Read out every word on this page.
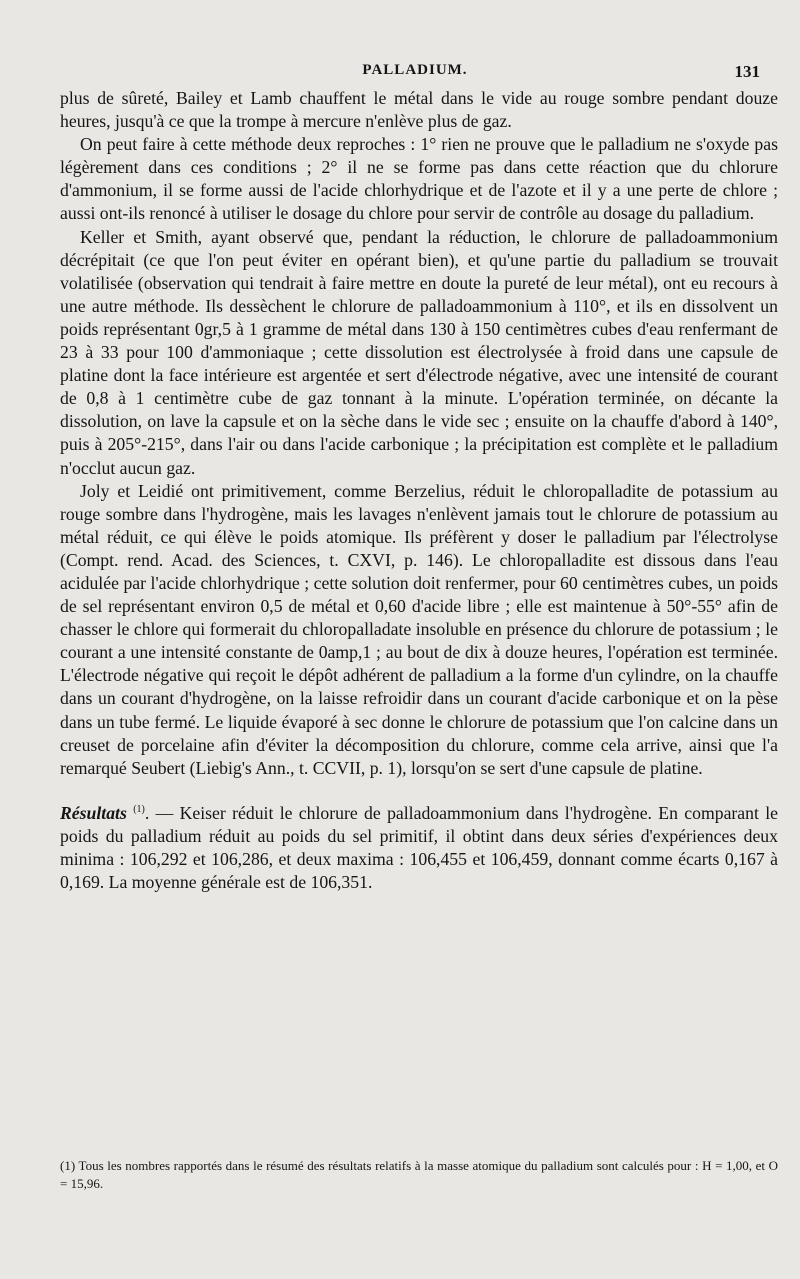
PALLADIUM.	131

plus de sûreté, Bailey et Lamb chauffent le métal dans le vide au rouge sombre pendant douze heures, jusqu'à ce que la trompe à mercure n'enlève plus de gaz.

On peut faire à cette méthode deux reproches : 1° rien ne prouve que le palladium ne s'oxyde pas légèrement dans ces conditions ; 2° il ne se forme pas dans cette réaction que du chlorure d'ammonium, il se forme aussi de l'acide chlorhydrique et de l'azote et il y a une perte de chlore ; aussi ont-ils renoncé à utiliser le dosage du chlore pour servir de contrôle au dosage du palladium.

Keller et Smith, ayant observé que, pendant la réduction, le chlorure de palladoammonium décrépitait (ce que l'on peut éviter en opérant bien), et qu'une partie du palladium se trouvait volatilisée (observation qui tendrait à faire mettre en doute la pureté de leur métal), ont eu recours à une autre méthode. Ils dessèchent le chlorure de palladoammonium à 110°, et ils en dissolvent un poids représentant 0gr,5 à 1 gramme de métal dans 130 à 150 centimètres cubes d'eau renfermant de 23 à 33 pour 100 d'ammoniaque ; cette dissolution est électrolysée à froid dans une capsule de platine dont la face intérieure est argentée et sert d'électrode négative, avec une intensité de courant de 0,8 à 1 centimètre cube de gaz tonnant à la minute. L'opération terminée, on décante la dissolution, on lave la capsule et on la sèche dans le vide sec ; ensuite on la chauffe d'abord à 140°, puis à 205°-215°, dans l'air ou dans l'acide carbonique ; la précipitation est complète et le palladium n'occlut aucun gaz.

Joly et Leidié ont primitivement, comme Berzelius, réduit le chloropalladite de potassium au rouge sombre dans l'hydrogène, mais les lavages n'enlèvent jamais tout le chlorure de potassium au métal réduit, ce qui élève le poids atomique. Ils préfèrent y doser le palladium par l'électrolyse (Compt. rend. Acad. des Sciences, t. CXVI, p. 146). Le chloropalladite est dissous dans l'eau acidulée par l'acide chlorhydrique ; cette solution doit renfermer, pour 60 centimètres cubes, un poids de sel représentant environ 0,5 de métal et 0,60 d'acide libre ; elle est maintenue à 50°-55° afin de chasser le chlore qui formerait du chloropalladate insoluble en présence du chlorure de potassium ; le courant a une intensité constante de 0amp,1 ; au bout de dix à douze heures, l'opération est terminée. L'électrode négative qui reçoit le dépôt adhérent de palladium a la forme d'un cylindre, on la chauffe dans un courant d'hydrogène, on la laisse refroidir dans un courant d'acide carbonique et on la pèse dans un tube fermé. Le liquide évaporé à sec donne le chlorure de potassium que l'on calcine dans un creuset de porcelaine afin d'éviter la décomposition du chlorure, comme cela arrive, ainsi que l'a remarqué Seubert (Liebig's Ann., t. CCVII, p. 1), lorsqu'on se sert d'une capsule de platine.

Résultats $^{(1)}$. — Keiser réduit le chlorure de palladoammonium dans l'hydrogène. En comparant le poids du palladium réduit au poids du sel primitif, il obtint dans deux séries d'expériences deux minima : 106,292 et 106,286, et deux maxima : 106,455 et 106,459, donnant comme écarts 0,167 à 0,169. La moyenne générale est de 106,351.

(1) Tous les nombres rapportés dans le résumé des résultats relatifs à la masse atomique du palladium sont calculés pour : H = 1,00, et O = 15,96.
